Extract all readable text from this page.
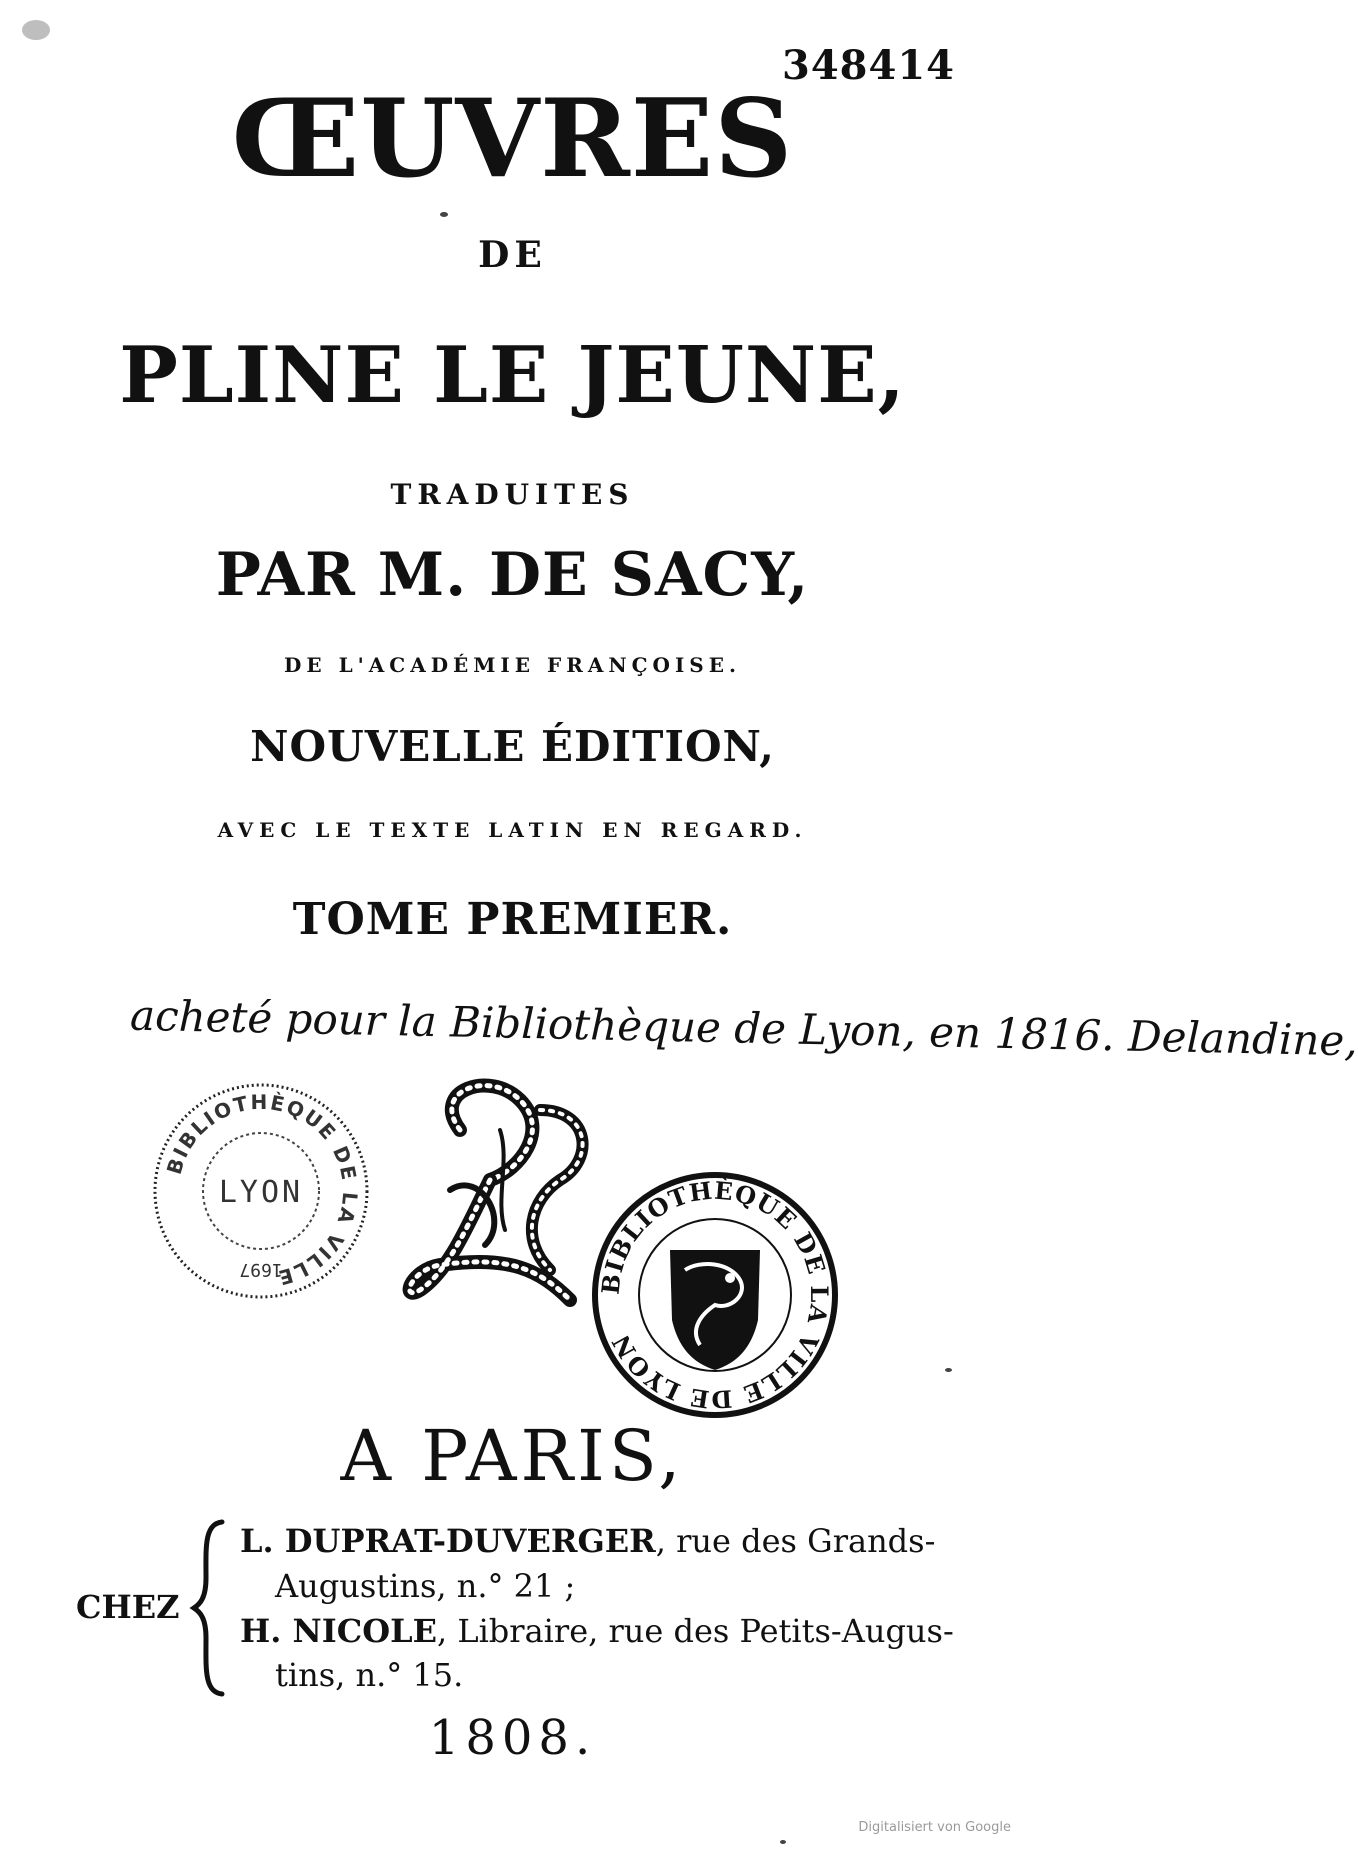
348414
ŒUVRES
DE
PLINE LE JEUNE,
TRADUITES
PAR M. DE SACY,
DE L'ACADÉMIE FRANÇOISE.
NOUVELLE ÉDITION,
AVEC LE TEXTE LATIN EN REGARD.
TOME PREMIER.
acheté pour la Bibliothèque de Lyon, en 1816. Delandine,
BIBLIOTHÈQUE DE LA VILLE
LYON
1697
BIBLIOTHÈQUE DE LA VILLE DE LYON
A PARIS,
CHEZ
L. DUPRAT-DUVERGER, rue des Grands-
Augustins, n.° 21 ;
H. NICOLE, Libraire, rue des Petits-Augus-
tins, n.° 15.
1808.
Digitalisiert von Google
